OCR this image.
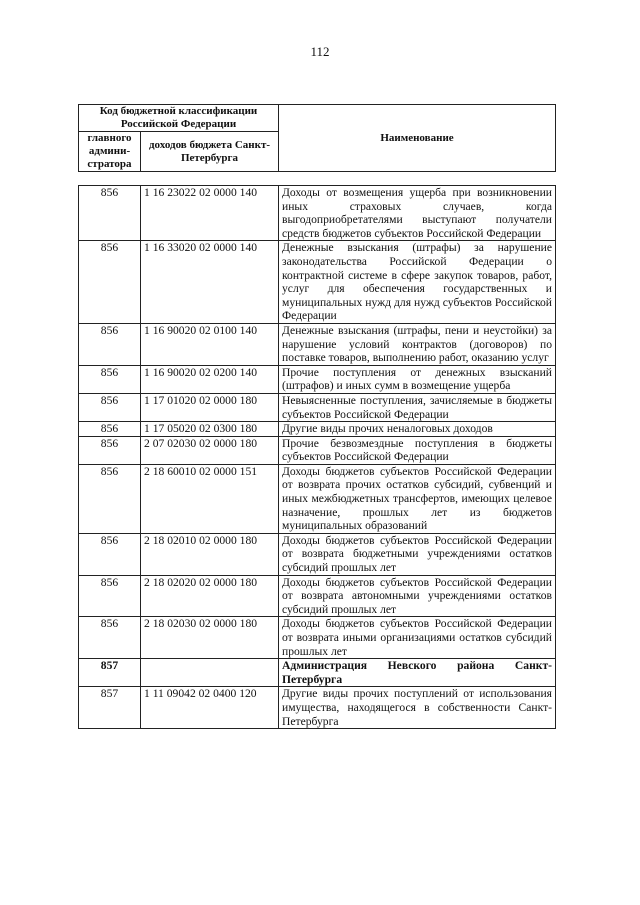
112
Код бюджетной классификации Российской Федерации		Наименование
главного админи-стратора	доходов бюджета Санкт-Петербурга	
856	1 16 23022 02 0000 140	Доходы от возмещения ущерба при возникновении иных страховых случаев, когда выгодоприобретателями выступают получатели средств бюджетов субъектов Российской Федерации
856	1 16 33020 02 0000 140	Денежные взыскания (штрафы) за нарушение законодательства Российской Федерации о контрактной системе в сфере закупок товаров, работ, услуг для обеспечения государственных и муниципальных нужд для нужд субъектов Российской Федерации
856	1 16 90020 02 0100 140	Денежные взыскания (штрафы, пени и неустойки) за нарушение условий контрактов (договоров) по поставке товаров, выполнению работ, оказанию услуг
856	1 16 90020 02 0200 140	Прочие поступления от денежных взысканий (штрафов) и иных сумм в возмещение ущерба
856	1 17 01020 02 0000 180	Невыясненные поступления, зачисляемые в бюджеты субъектов Российской Федерации
856	1 17 05020 02 0300 180	Другие виды прочих неналоговых доходов
856	2 07 02030 02 0000 180	Прочие безвозмездные поступления в бюджеты субъектов Российской Федерации
856	2 18 60010 02 0000 151	Доходы бюджетов субъектов Российской Федерации от возврата прочих остатков субсидий, субвенций и иных межбюджетных трансфертов, имеющих целевое назначение, прошлых лет из бюджетов муниципальных образований
856	2 18 02010 02 0000 180	Доходы бюджетов субъектов Российской Федерации от возврата бюджетными учреждениями остатков субсидий прошлых лет
856	2 18 02020 02 0000 180	Доходы бюджетов субъектов Российской Федерации от возврата автономными учреждениями остатков субсидий прошлых лет
856	2 18 02030 02 0000 180	Доходы бюджетов субъектов Российской Федерации от возврата иными организациями остатков субсидий прошлых лет
857		Администрация Невского района Санкт-Петербурга
857	1 11 09042 02 0400 120	Другие виды прочих поступлений от использования имущества, находящегося в собственности Санкт-Петербурга
